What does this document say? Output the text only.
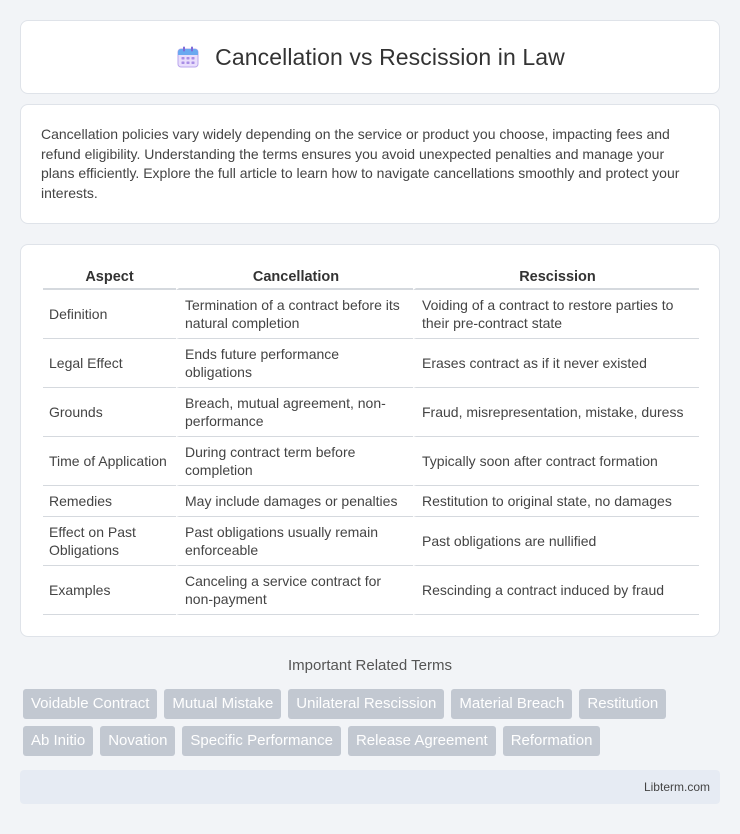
Cancellation vs Rescission in Law

Cancellation policies vary widely depending on the service or product you choose, impacting fees and refund eligibility. Understanding the terms ensures you avoid unexpected penalties and manage your plans efficiently. Explore the full article to learn how to navigate cancellations smoothly and protect your interests.

Aspect	Cancellation	Rescission
Definition	Termination of a contract before its natural completion	Voiding of a contract to restore parties to their pre-contract state
Legal Effect	Ends future performance obligations	Erases contract as if it never existed
Grounds	Breach, mutual agreement, non-performance	Fraud, misrepresentation, mistake, duress
Time of Application	During contract term before completion	Typically soon after contract formation
Remedies	May include damages or penalties	Restitution to original state, no damages
Effect on Past Obligations	Past obligations usually remain enforceable	Past obligations are nullified
Examples	Canceling a service contract for non-payment	Rescinding a contract induced by fraud
Important Related Terms
Voidable Contract	Mutual Mistake	Unilateral Rescission	Material Breach	Restitution
Ab Initio	Novation	Specific Performance	Release Agreement	Reformation
Libterm.com
